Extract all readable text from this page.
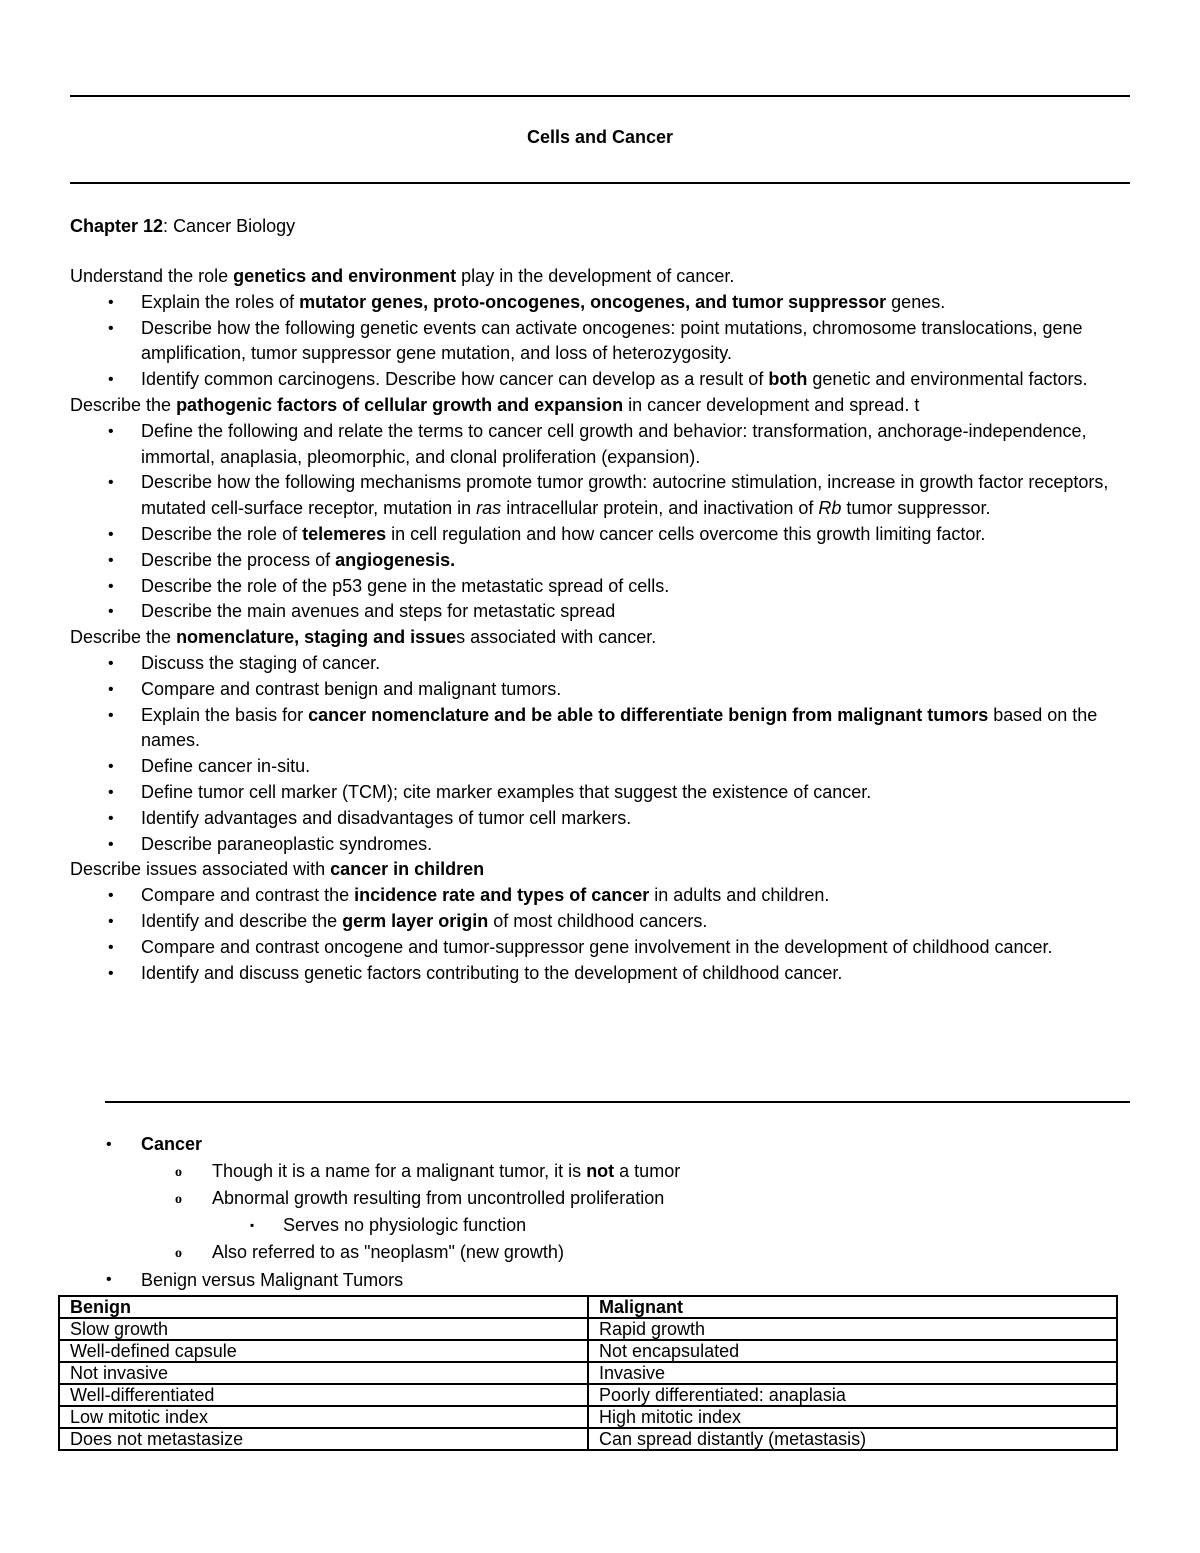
Cells and Cancer
Chapter 12: Cancer Biology
Understand the role genetics and environment play in the development of cancer.
• Explain the roles of mutator genes, proto-oncogenes, oncogenes, and tumor suppressor genes.
• Describe how the following genetic events can activate oncogenes: point mutations, chromosome translocations, gene amplification, tumor suppressor gene mutation, and loss of heterozygosity.
• Identify common carcinogens. Describe how cancer can develop as a result of both genetic and environmental factors.
Describe the pathogenic factors of cellular growth and expansion in cancer development and spread. t
• Define the following and relate the terms to cancer cell growth and behavior: transformation, anchorage-independence, immortal, anaplasia, pleomorphic, and clonal proliferation (expansion).
• Describe how the following mechanisms promote tumor growth: autocrine stimulation, increase in growth factor receptors, mutated cell-surface receptor, mutation in ras intracellular protein, and inactivation of Rb tumor suppressor.
• Describe the role of telemeres in cell regulation and how cancer cells overcome this growth limiting factor.
• Describe the process of angiogenesis.
• Describe the role of the p53 gene in the metastatic spread of cells.
• Describe the main avenues and steps for metastatic spread
Describe the nomenclature, staging and issues associated with cancer.
• Discuss the staging of cancer.
• Compare and contrast benign and malignant tumors.
• Explain the basis for cancer nomenclature and be able to differentiate benign from malignant tumors based on the names.
• Define cancer in-situ.
• Define tumor cell marker (TCM); cite marker examples that suggest the existence of cancer.
• Identify advantages and disadvantages of tumor cell markers.
• Describe paraneoplastic syndromes.
Describe issues associated with cancer in children
• Compare and contrast the incidence rate and types of cancer in adults and children.
• Identify and describe the germ layer origin of most childhood cancers.
• Compare and contrast oncogene and tumor-suppressor gene involvement in the development of childhood cancer.
• Identify and discuss genetic factors contributing to the development of childhood cancer.
• Cancer
o Though it is a name for a malignant tumor, it is not a tumor
o Abnormal growth resulting from uncontrolled proliferation
▪ Serves no physiologic function
o Also referred to as "neoplasm" (new growth)
• Benign versus Malignant Tumors
Benign	Malignant
Slow growth	Rapid growth
Well-defined capsule	Not encapsulated
Not invasive	Invasive
Well-differentiated	Poorly differentiated: anaplasia
Low mitotic index	High mitotic index
Does not metastasize	Can spread distantly (metastasis)
